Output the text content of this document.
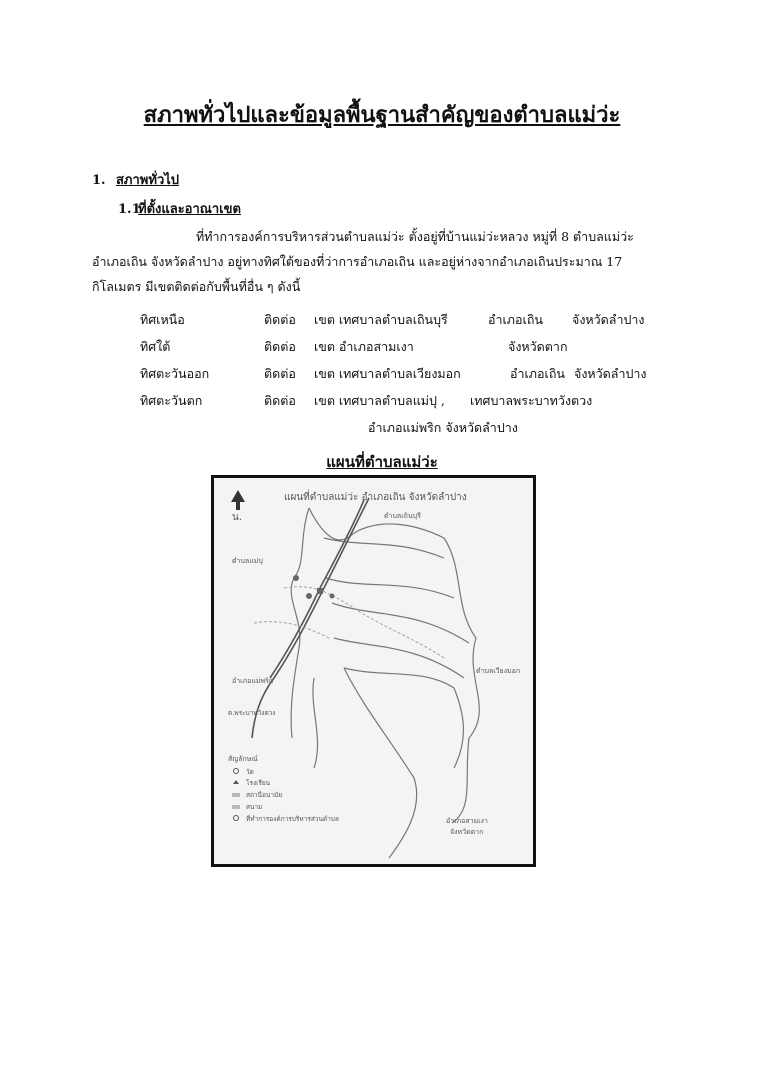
สภาพทั่วไปและข้อมูลพื้นฐานสำคัญของตำบลแม่ว่ะ
1. สภาพทั่วไป
1.1ที่ตั้งและอาณาเขต
ที่ทำการองค์การบริหารส่วนตำบลแม่ว่ะ ตั้งอยู่ที่บ้านแม่ว่ะหลวง หมู่ที่ 8 ตำบลแม่ว่ะ
อำเภอเถิน จังหวัดลำปาง อยู่ทางทิศใต้ของที่ว่าการอำเภอเถิน และอยู่ห่างจากอำเภอเถินประมาณ 17
กิโลเมตร มีเขตติดต่อกับพื้นที่อื่น ๆ ดังนี้
ทิศเหนือ	ติดต่อ เขต เทศบาลตำบลเถินบุรี	อำเภอเถิน จังหวัดลำปาง
ทิศใต้	ติดต่อ เขต อำเภอสามเงา	จังหวัดตาก
ทิศตะวันออก	ติดต่อ เขต เทศบาลตำบลเวียงมอก	อำเภอเถิน จังหวัดลำปาง
ทิศตะวันตก	ติดต่อ เขต เทศบาลตำบลแม่ปุ , เทศบาลพระบาทวังตวง
อำเภอแม่พริก จังหวัดลำปาง
แผนที่ตำบลแม่ว่ะ
น.
แผนที่ตำบลแม่ว่ะ อำเภอเถิน จังหวัดลำปาง
ตำบลเถินบุรี
ตำบลแม่ปุ
อำเภอแม่พริก
ต.พระบาทวังตวง
ตำบลเวียงมอก
อำเภอสามเงา
จังหวัดตาก
สัญลักษณ์
วัด
โรงเรียน
สถานีอนามัย
สนาม
ที่ทำการองค์การบริหารส่วนตำบล
